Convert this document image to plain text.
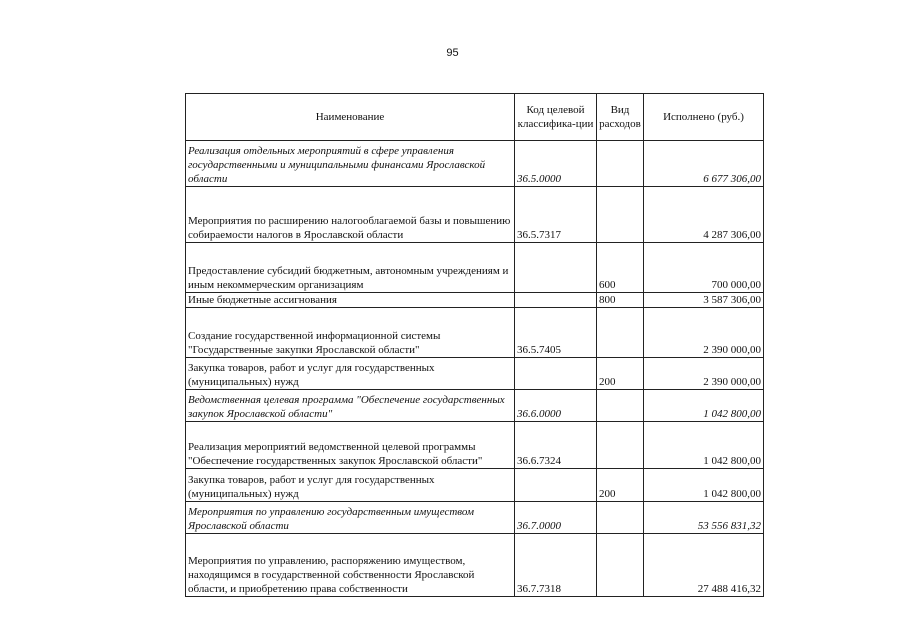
95
Наименование	Код целевой классифика-ции	Вид расходов	Исполнено (руб.)
Реализация отдельных мероприятий в сфере управления государственными и муниципальными финансами Ярославской области	36.5.0000		6 677 306,00
Мероприятия по расширению налогооблагаемой базы и повышению собираемости налогов в Ярославской области	36.5.7317		4 287 306,00
Предоставление субсидий бюджетным, автономным учреждениям и иным некоммерческим организациям		600	700 000,00
Иные бюджетные ассигнования		800	3 587 306,00
Создание государственной информационной системы "Государственные закупки Ярославской области"	36.5.7405		2 390 000,00
Закупка товаров, работ и услуг для государственных (муниципальных) нужд		200	2 390 000,00
Ведомственная целевая программа "Обеспечение государственных закупок Ярославской области"	36.6.0000		1 042 800,00
Реализация мероприятий ведомственной целевой программы "Обеспечение государственных закупок Ярославской области"	36.6.7324		1 042 800,00
Закупка товаров, работ и услуг для государственных (муниципальных) нужд		200	1 042 800,00
Мероприятия по управлению государственным имуществом Ярославской области	36.7.0000		53 556 831,32
Мероприятия по управлению, распоряжению имуществом, находящимся в государственной собственности Ярославской области, и приобретению права собственности	36.7.7318		27 488 416,32
